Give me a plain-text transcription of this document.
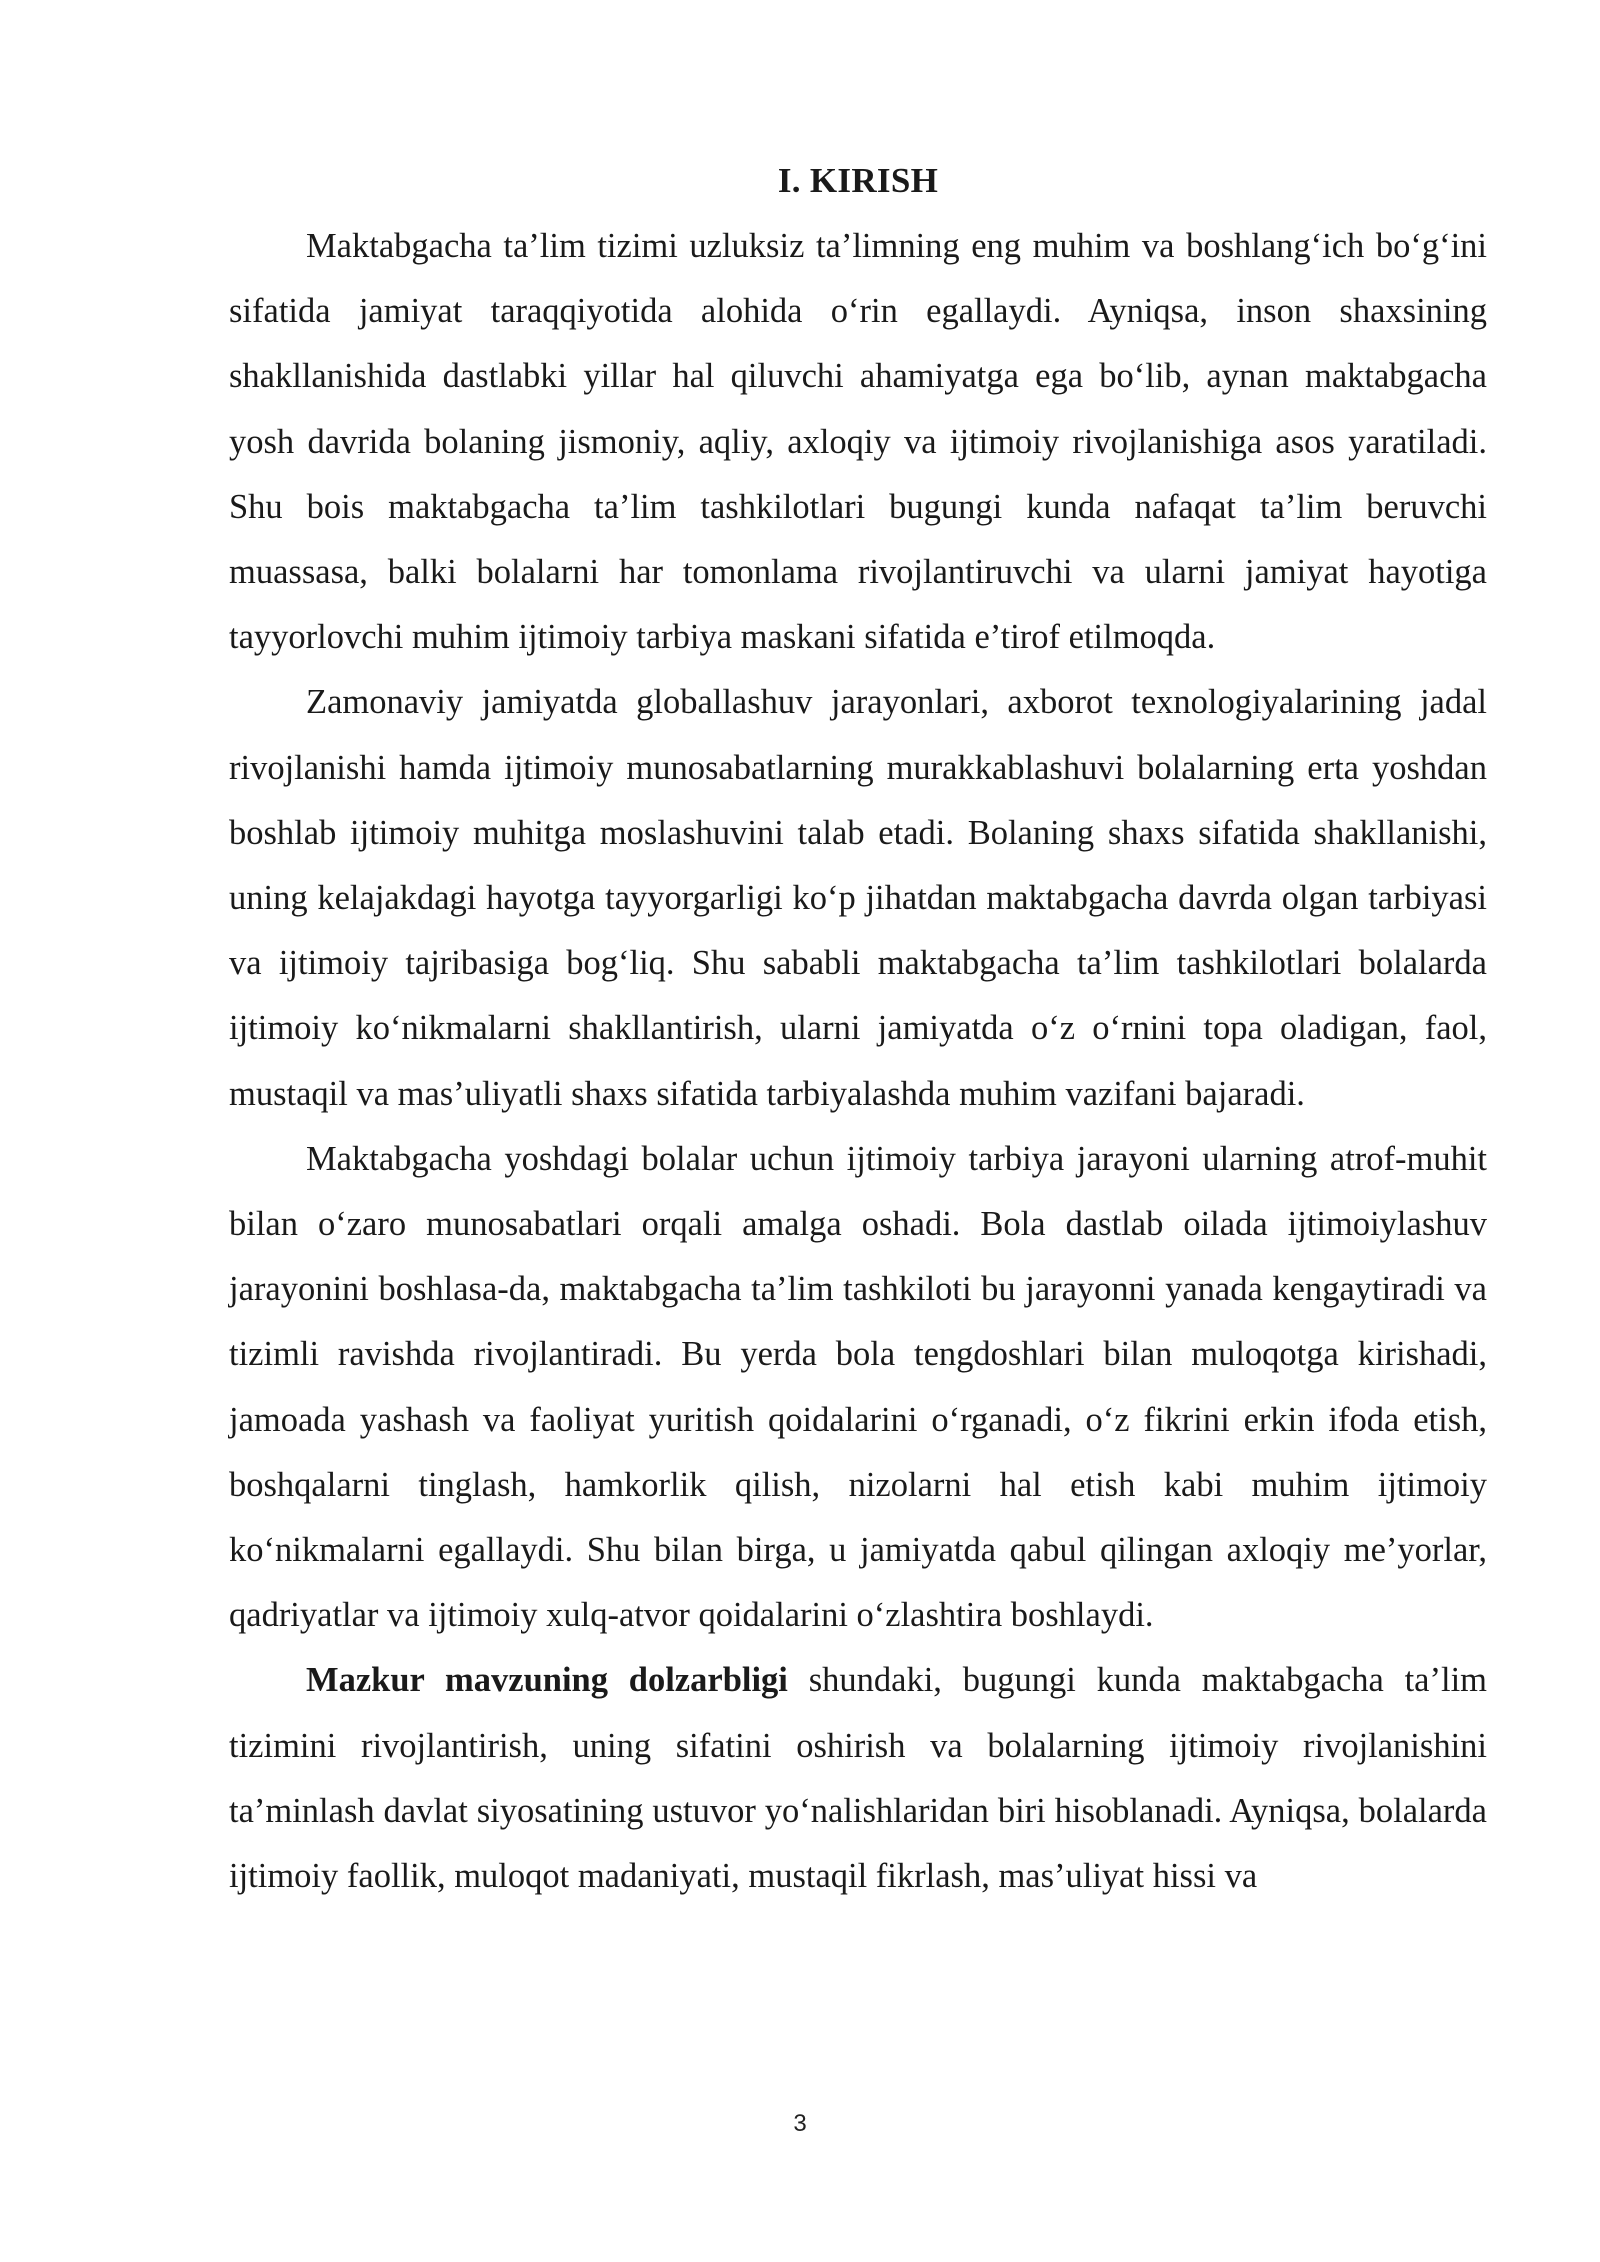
I. KIRISH

Maktabgacha ta’lim tizimi uzluksiz ta’limning eng muhim va boshlang‘ich bo‘g‘ini sifatida jamiyat taraqqiyotida alohida o‘rin egallaydi. Ayniqsa, inson shaxsining shakllanishida dastlabki yillar hal qiluvchi ahamiyatga ega bo‘lib, aynan maktabgacha yosh davrida bolaning jismoniy, aqliy, axloqiy va ijtimoiy rivojlanishiga asos yaratiladi. Shu bois maktabgacha ta’lim tashkilotlari bugungi kunda nafaqat ta’lim beruvchi muassasa, balki bolalarni har tomonlama rivojlantiruvchi va ularni jamiyat hayotiga tayyorlovchi muhim ijtimoiy tarbiya maskani sifatida e’tirof etilmoqda.

Zamonaviy jamiyatda globallashuv jarayonlari, axborot texnologiyalarining jadal rivojlanishi hamda ijtimoiy munosabatlarning murakkablashuvi bolalarning erta yoshdan boshlab ijtimoiy muhitga moslashuvini talab etadi. Bolaning shaxs sifatida shakllanishi, uning kelajakdagi hayotga tayyorgarligi ko‘p jihatdan maktabgacha davrda olgan tarbiyasi va ijtimoiy tajribasiga bog‘liq. Shu sababli maktabgacha ta’lim tashkilotlari bolalarda ijtimoiy ko‘nikmalarni shakllantirish, ularni jamiyatda o‘z o‘rnini topa oladigan, faol, mustaqil va mas’uliyatli shaxs sifatida tarbiyalashda muhim vazifani bajaradi.

Maktabgacha yoshdagi bolalar uchun ijtimoiy tarbiya jarayoni ularning atrof-muhit bilan o‘zaro munosabatlari orqali amalga oshadi. Bola dastlab oilada ijtimoiylashuv jarayonini boshlasa-da, maktabgacha ta’lim tashkiloti bu jarayonni yanada kengaytiradi va tizimli ravishda rivojlantiradi. Bu yerda bola tengdoshlari bilan muloqotga kirishadi, jamoada yashash va faoliyat yuritish qoidalarini o‘rganadi, o‘z fikrini erkin ifoda etish, boshqalarni tinglash, hamkorlik qilish, nizolarni hal etish kabi muhim ijtimoiy ko‘nikmalarni egallaydi. Shu bilan birga, u jamiyatda qabul qilingan axloqiy me’yorlar, qadriyatlar va ijtimoiy xulq-atvor qoidalarini o‘zlashtira boshlaydi.

Mazkur mavzuning dolzarbligi shundaki, bugungi kunda maktabgacha ta’lim tizimini rivojlantirish, uning sifatini oshirish va bolalarning ijtimoiy rivojlanishini ta’minlash davlat siyosatining ustuvor yo‘nalishlaridan biri hisoblanadi. Ayniqsa, bolalarda ijtimoiy faollik, muloqot madaniyati, mustaqil fikrlash, mas’uliyat hissi va

3
